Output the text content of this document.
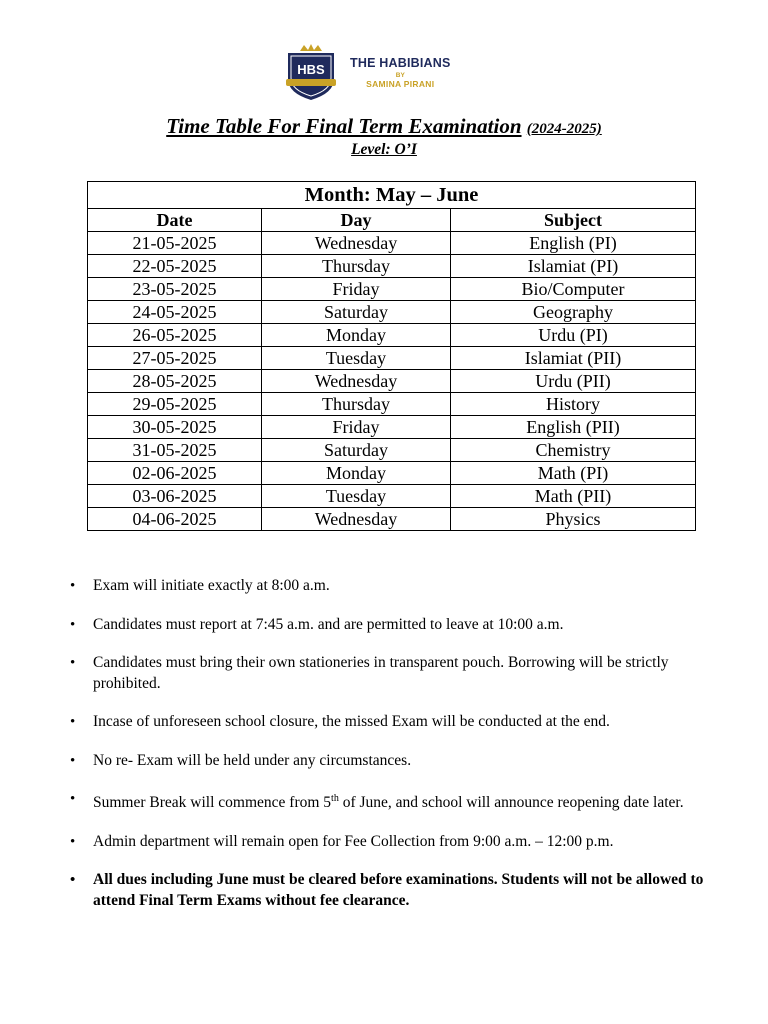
HBS THE HABIBIANS
BY
SAMINA PIRANI
Time Table For Final Term Examination (2024-2025)
Level: O’I
Month: May – June		
Date	Day	Subject
21-05-2025	Wednesday	English (PI)
22-05-2025	Thursday	Islamiat (PI)
23-05-2025	Friday	Bio/Computer
24-05-2025	Saturday	Geography
26-05-2025	Monday	Urdu (PI)
27-05-2025	Tuesday	Islamiat (PII)
28-05-2025	Wednesday	Urdu (PII)
29-05-2025	Thursday	History
30-05-2025	Friday	English (PII)
31-05-2025	Saturday	Chemistry
02-06-2025	Monday	Math (PI)
03-06-2025	Tuesday	Math (PII)
04-06-2025	Wednesday	Physics
• Exam will initiate exactly at 8:00 a.m.
• Candidates must report at 7:45 a.m. and are permitted to leave at 10:00 a.m.
• Candidates must bring their own stationeries in transparent pouch. Borrowing will be strictly prohibited.
• Incase of unforeseen school closure, the missed Exam will be conducted at the end.
• No re- Exam will be held under any circumstances.
• Summer Break will commence from 5th of June, and school will announce reopening date later.
• Admin department will remain open for Fee Collection from 9:00 a.m. – 12:00 p.m.
• All dues including June must be cleared before examinations. Students will not be allowed to attend Final Term Exams without fee clearance.
